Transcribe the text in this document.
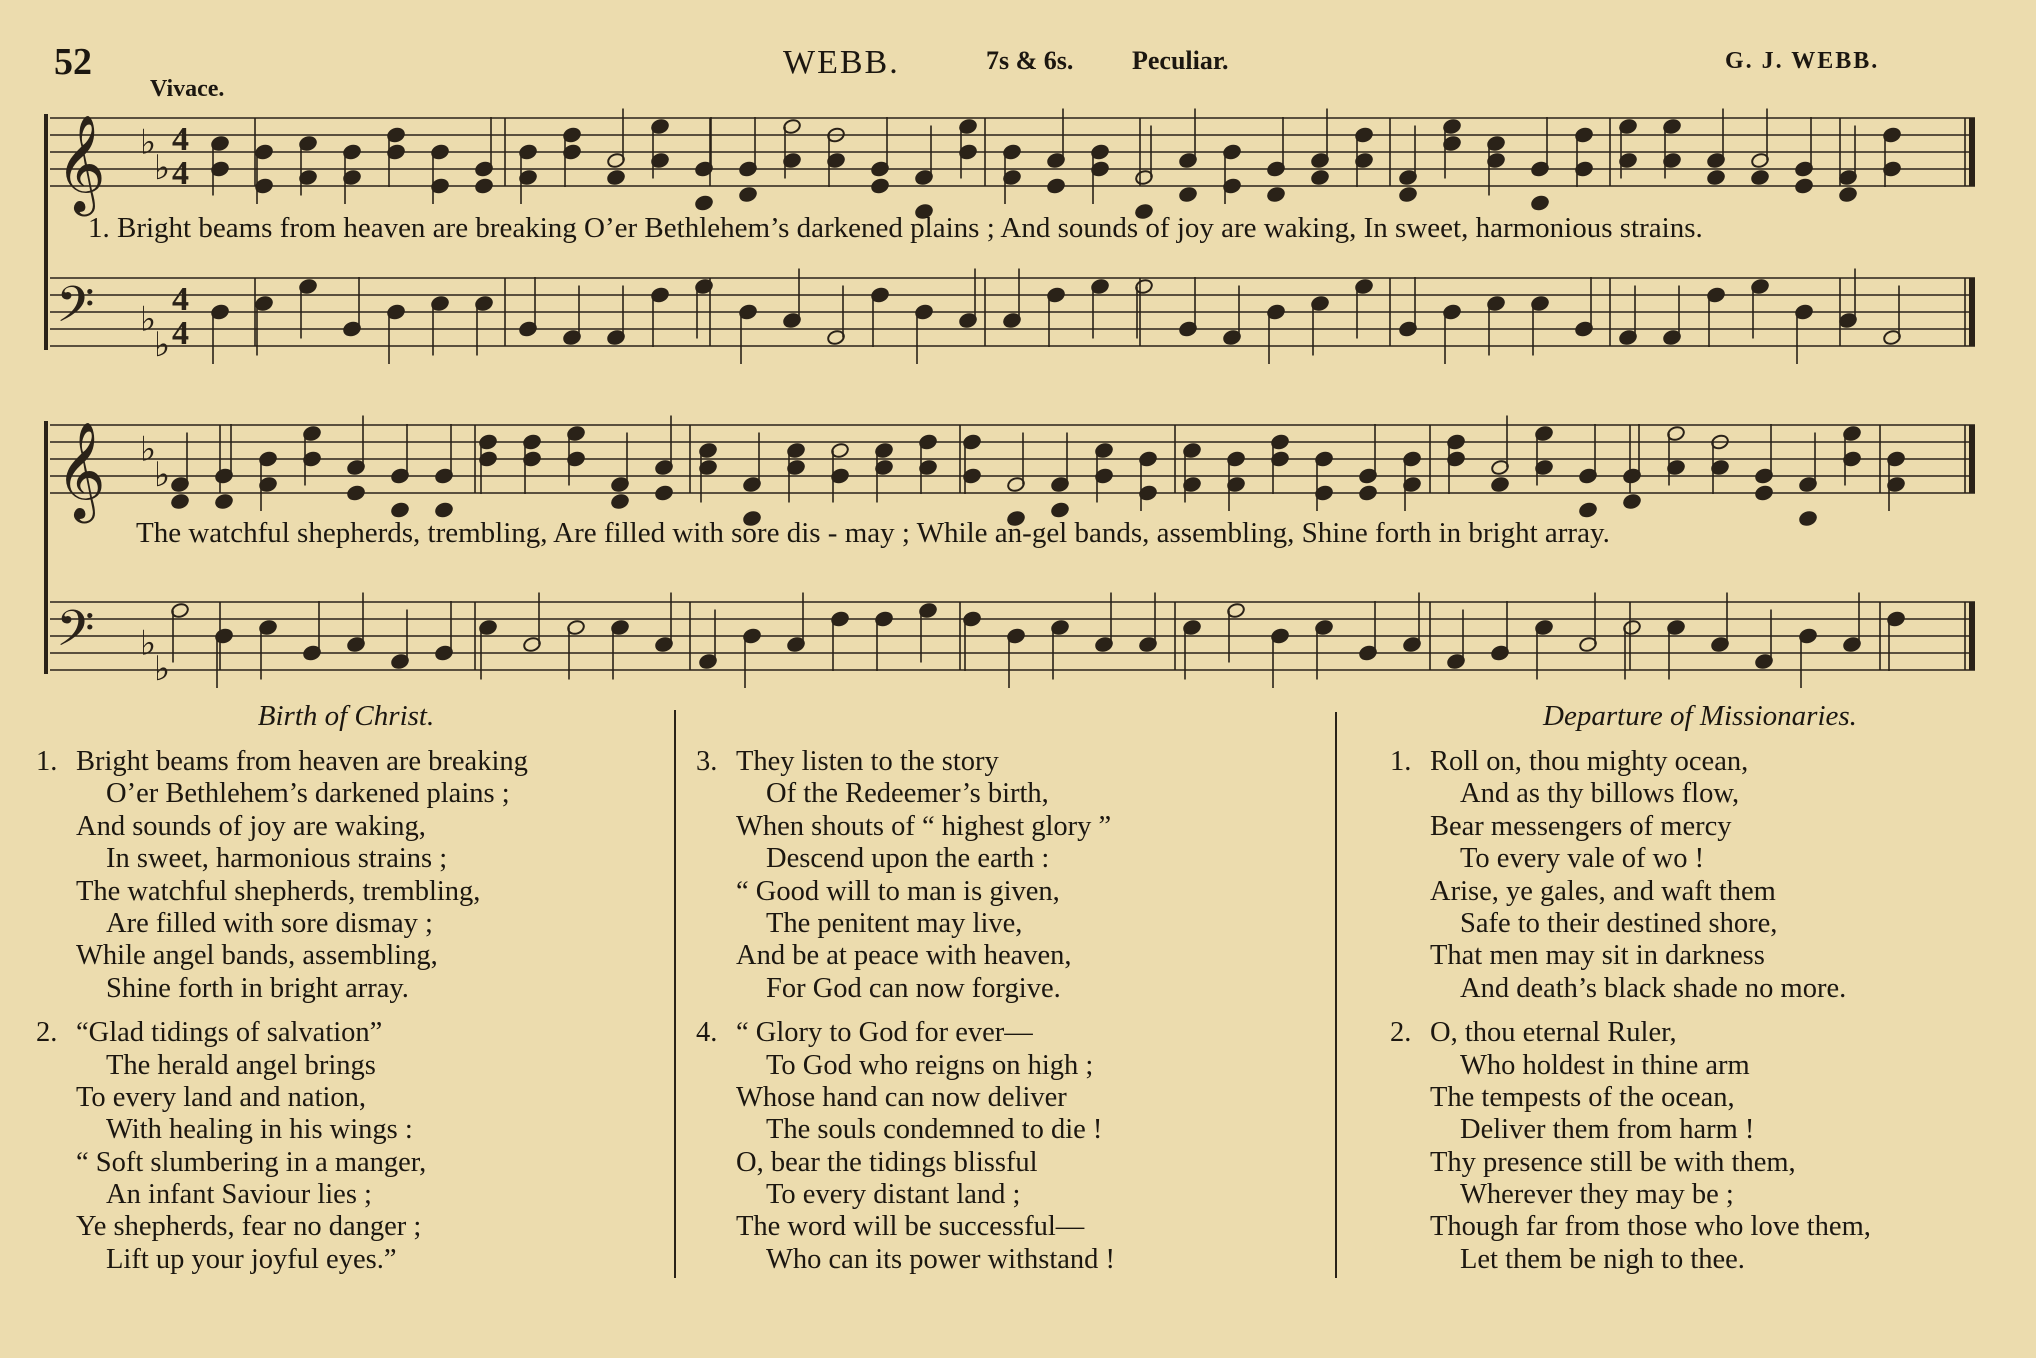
52	WEBB.	7s & 6s. Peculiar.	G. J. WEBB.
Vivace.
𝄞 ♭
♭
4
4
𝄢 ♭
♭
4
4
𝄞 ♭
♭
𝄢 ♭
♭
1. Bright beams from heaven are breaking O’er Bethlehem’s darkened plains ; And sounds of joy are waking, In sweet, harmonious strains.
The watchful shepherds, trembling, Are filled with sore dis - may ; While an-gel bands, assembling, Shine forth in bright array.
Birth of Christ.
1. Bright beams from heaven are breaking
O’er Bethlehem’s darkened plains ;
And sounds of joy are waking,
In sweet, harmonious strains ;
The watchful shepherds, trembling,
Are filled with sore dismay ;
While angel bands, assembling,
Shine forth in bright array.
2. “Glad tidings of salvation”
The herald angel brings
To every land and nation,
With healing in his wings :
“ Soft slumbering in a manger,
An infant Saviour lies ;
Ye shepherds, fear no danger ;
Lift up your joyful eyes.”
3. They listen to the story
Of the Redeemer’s birth,
When shouts of “ highest glory ”
Descend upon the earth :
“ Good will to man is given,
The penitent may live,
And be at peace with heaven,
For God can now forgive.
4. “ Glory to God for ever—
To God who reigns on high ;
Whose hand can now deliver
The souls condemned to die !
O, bear the tidings blissful
To every distant land ;
The word will be successful—
Who can its power withstand !
Departure of Missionaries.
1. Roll on, thou mighty ocean,
And as thy billows flow,
Bear messengers of mercy
To every vale of wo !
Arise, ye gales, and waft them
Safe to their destined shore,
That men may sit in darkness
And death’s black shade no more.
2. O, thou eternal Ruler,
Who holdest in thine arm
The tempests of the ocean,
Deliver them from harm !
Thy presence still be with them,
Wherever they may be ;
Though far from those who love them,
Let them be nigh to thee.
